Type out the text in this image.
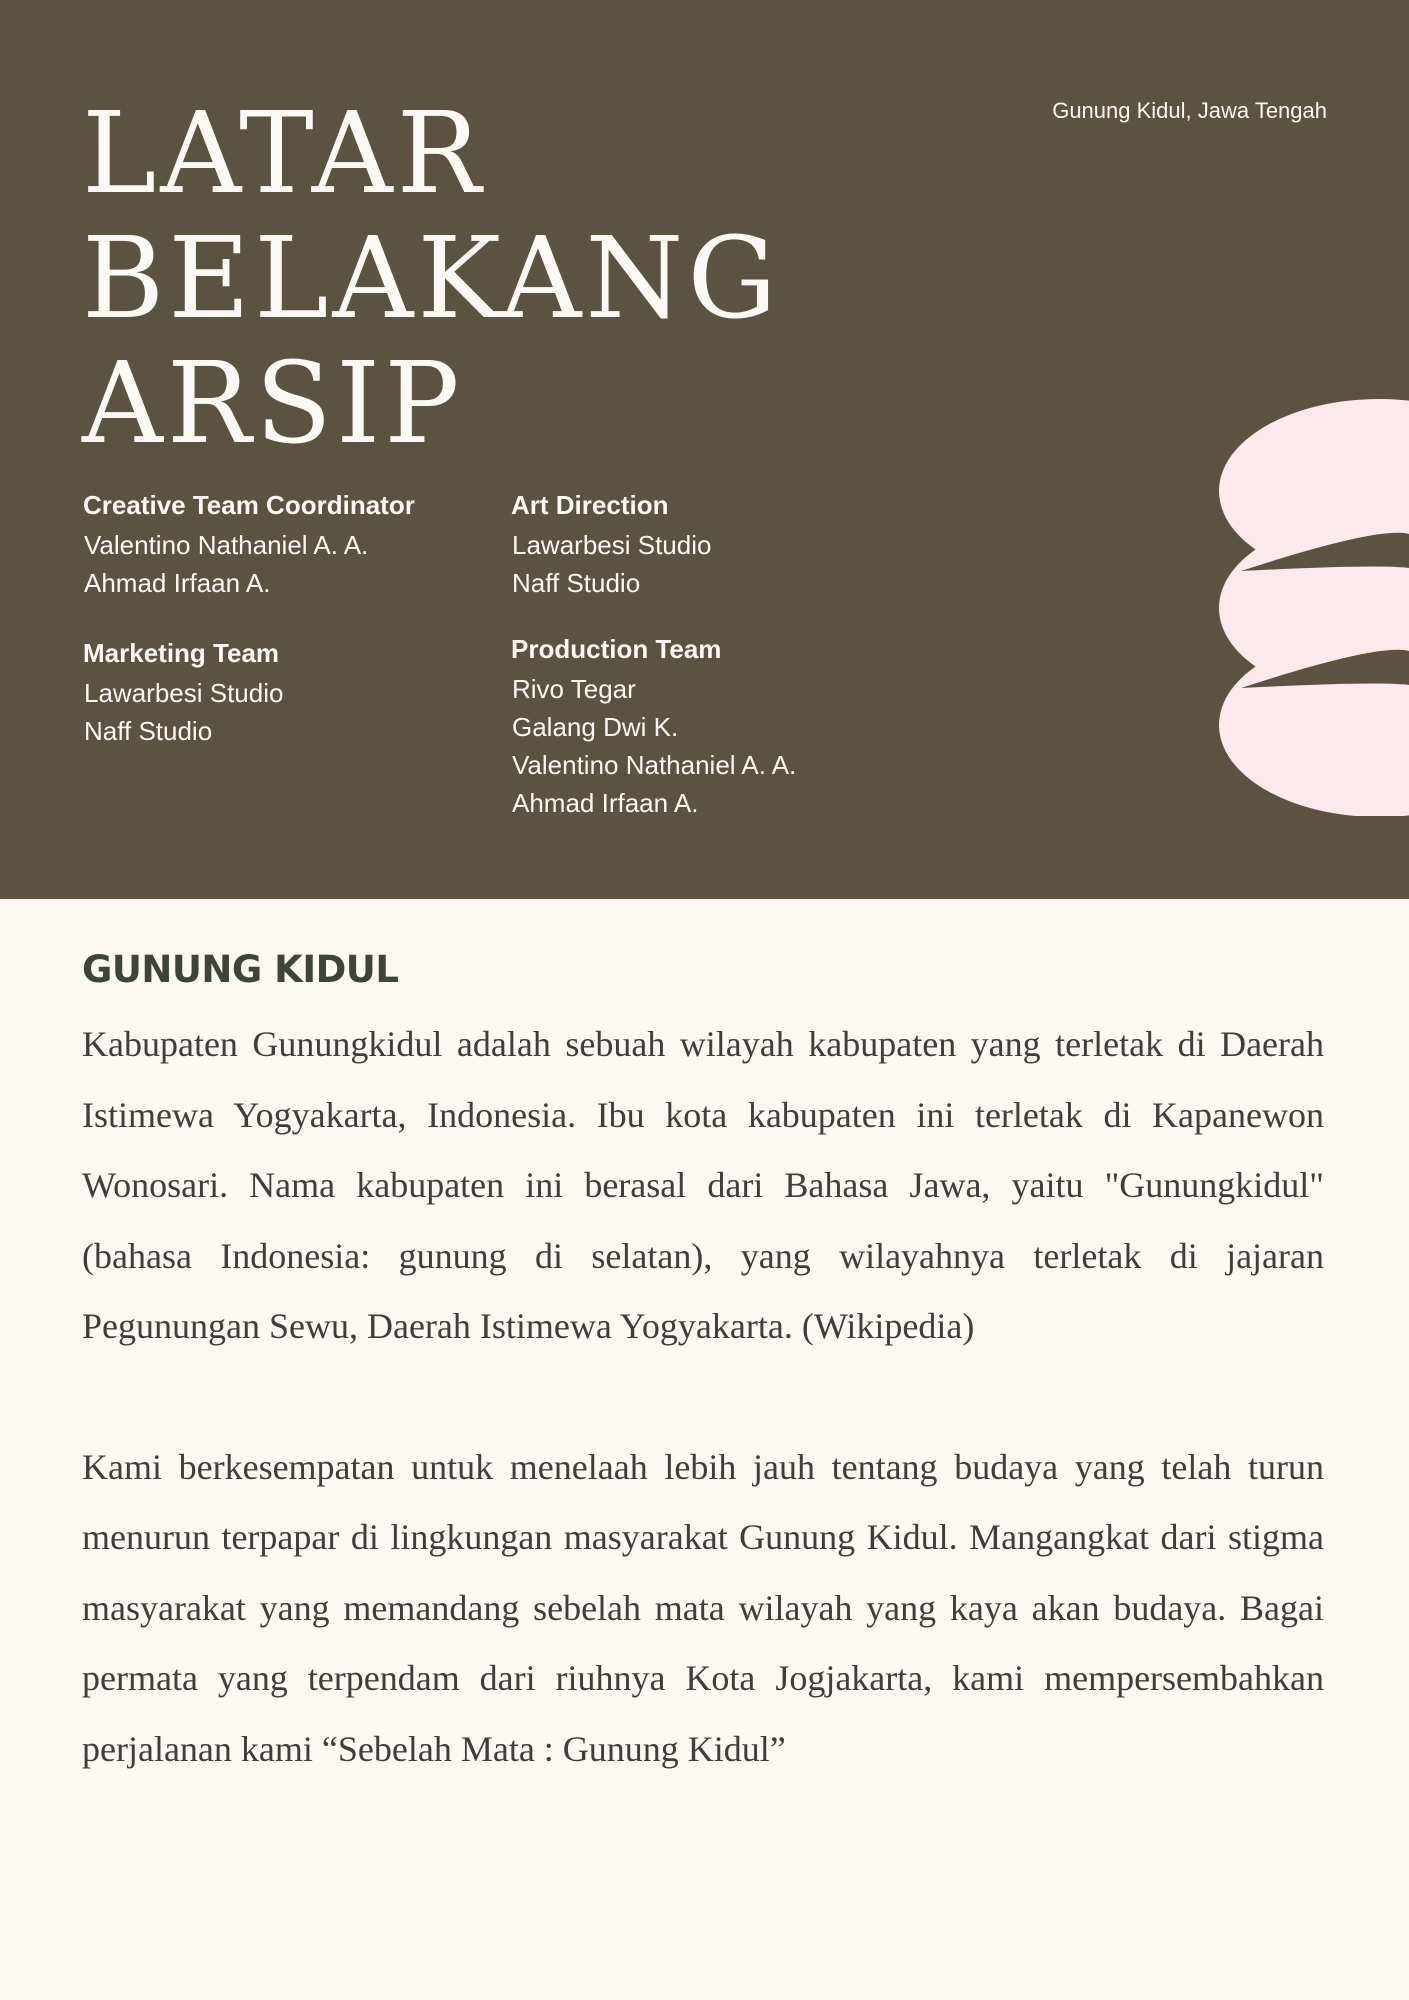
Gunung Kidul, Jawa Tengah
LATAR
BELAKANG
ARSIP
Creative Team Coordinator
Valentino Nathaniel A. A.
Ahmad Irfaan A.
Marketing Team
Lawarbesi Studio
Naff Studio
Art Direction
Lawarbesi Studio
Naff Studio
Production Team
Rivo Tegar
Galang Dwi K.
Valentino Nathaniel A. A.
Ahmad Irfaan A.
GUNUNG KIDUL

Kabupaten Gunungkidul adalah sebuah wilayah kabupaten yang terletak di Daerah Istimewa Yogyakarta, Indonesia. Ibu kota kabupaten ini terletak di Kapanewon Wonosari. Nama kabupaten ini berasal dari Bahasa Jawa, yaitu "Gunungkidul" (bahasa Indonesia: gunung di selatan), yang wilayahnya terletak di jajaran Pegunungan Sewu, Daerah Istimewa Yogyakarta. (Wikipedia)

Kami berkesempatan untuk menelaah lebih jauh tentang budaya yang telah turun menurun terpapar di lingkungan masyarakat Gunung Kidul. Mangangkat dari stigma masyarakat yang memandang sebelah mata wilayah yang kaya akan budaya. Bagai permata yang terpendam dari riuhnya Kota Jogjakarta, kami mempersembahkan perjalanan kami “Sebelah Mata : Gunung Kidul”
